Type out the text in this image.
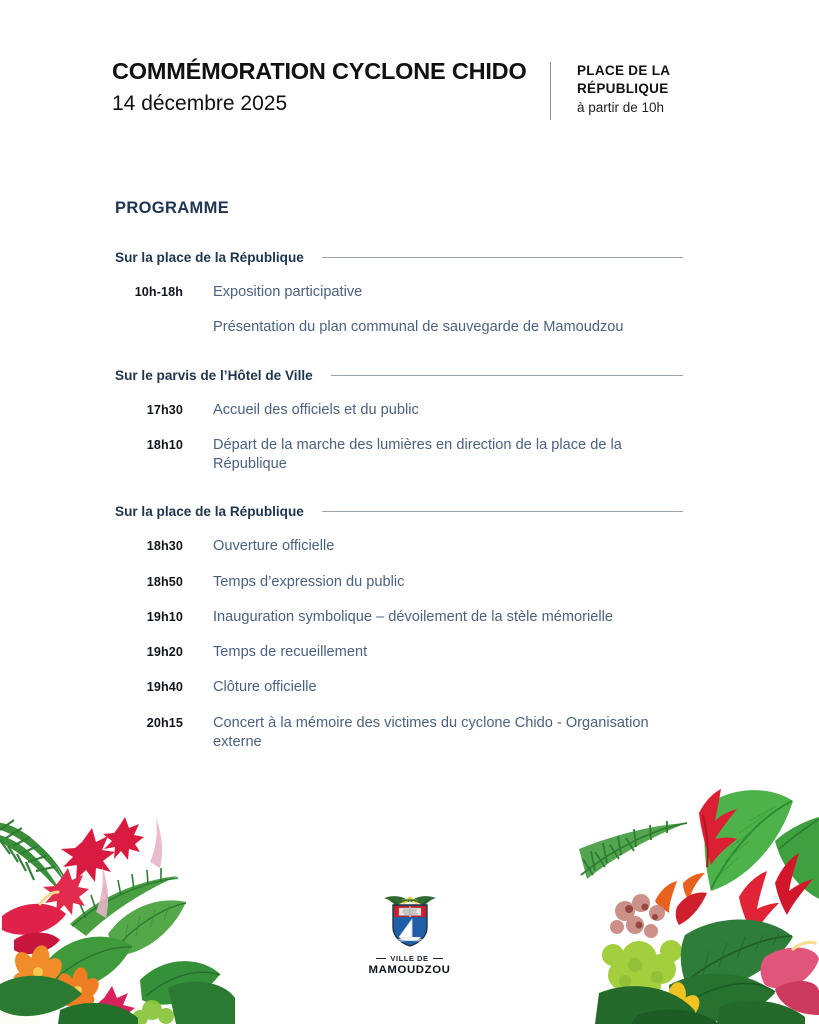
COMMÉMORATION CYCLONE CHIDO
14 décembre 2025
PLACE DE LA
RÉPUBLIQUE
à partir de 10h
PROGRAMME
Sur la place de la République
10h-18h Exposition participative
Présentation du plan communal de sauvegarde de Mamoudzou
Sur le parvis de l’Hôtel de Ville
17h30 Accueil des officiels et du public
18h10 Départ de la marche des lumières en direction de la place de la République
Sur la place de la République
18h30 Ouverture officielle
18h50 Temps d’expression du public
19h10 Inauguration symbolique – dévoilement de la stèle mémorielle
19h20 Temps de recueillement
19h40 Clôture officielle
20h15 Concert à la mémoire des victimes du cyclone Chido - Organisation externe
VILLE DE
MAMOUDZOU
